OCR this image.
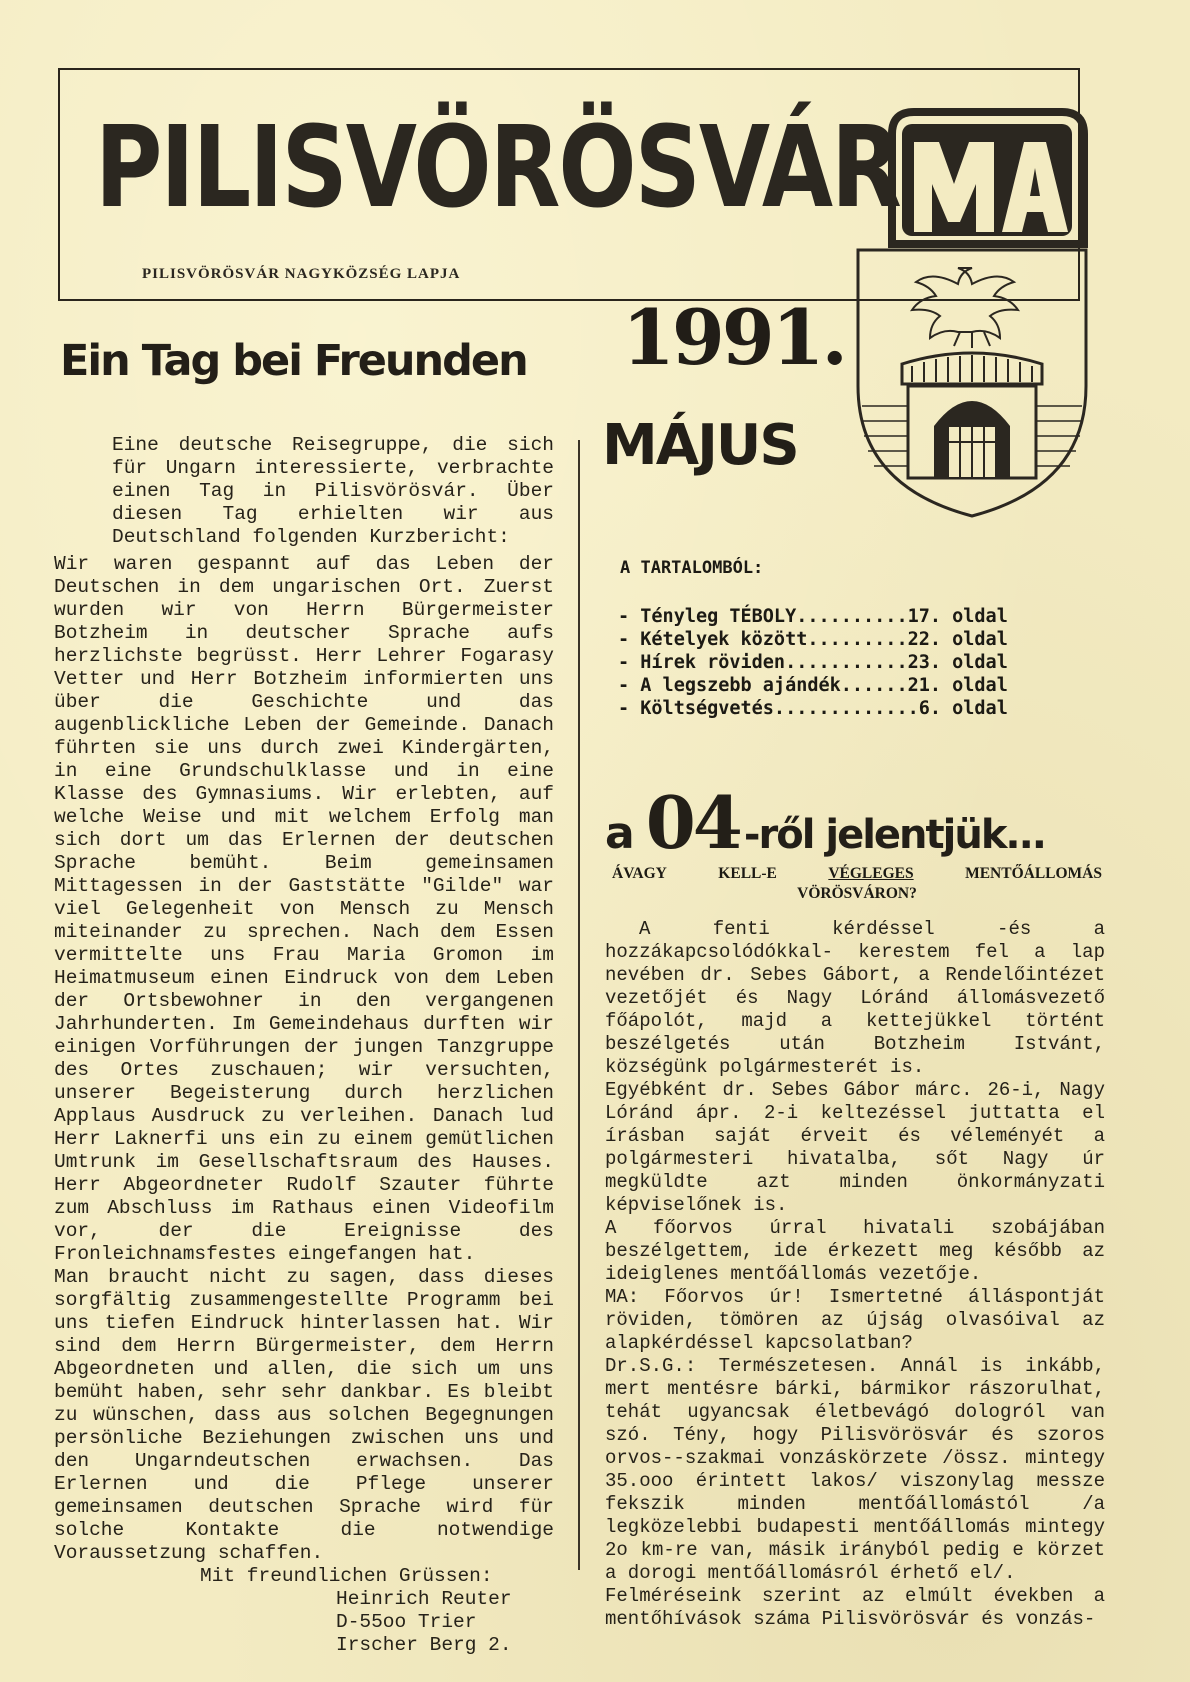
PILISVÖRÖSVÁR
PILISVÖRÖSVÁR NAGYKÖZSÉG LAPJA
1991.
MÁJUS
Ein Tag bei Freunden

Eine deutsche Reisegruppe, die sich für Ungarn interessierte, verbrachte einen Tag in Pilisvörösvár. Über diesen Tag erhielten wir aus Deutschland folgenden Kurzbericht:

Wir waren gespannt auf das Leben der Deutschen in dem ungarischen Ort. Zuerst wurden wir von Herrn Bürgermeister Botzheim in deutscher Sprache aufs herzlichste begrüsst. Herr Lehrer Fogarasy Vetter und Herr Botzheim informierten uns über die Geschichte und das augenblickliche Leben der Gemeinde. Danach führten sie uns durch zwei Kindergärten, in eine Grundschulklasse und in eine Klasse des Gymnasiums. Wir erlebten, auf welche Weise und mit welchem Erfolg man sich dort um das Erlernen der deutschen Sprache bemüht. Beim gemeinsamen Mittagessen in der Gaststätte "Gilde" war viel Gelegenheit von Mensch zu Mensch miteinander zu sprechen. Nach dem Essen vermittelte uns Frau Maria Gromon im Heimatmuseum einen Eindruck von dem Leben der Ortsbewohner in den vergangenen Jahrhunderten. Im Gemeindehaus durften wir einigen Vorführungen der jungen Tanzgruppe des Ortes zuschauen; wir versuchten, unserer Begeisterung durch herzlichen Applaus Ausdruck zu verleihen. Danach lud Herr Laknerfi uns ein zu einem gemütlichen Umtrunk im Gesellschaftsraum des Hauses. Herr Abgeordneter Rudolf Szauter führte zum Abschluss im Rathaus einen Videofilm vor, der die Ereignisse des Fronleichnamsfestes eingefangen hat.

Man braucht nicht zu sagen, dass dieses sorgfältig zusammengestellte Programm bei uns tiefen Eindruck hinterlassen hat. Wir sind dem Herrn Bürgermeister, dem Herrn Abgeordneten und allen, die sich um uns bemüht haben, sehr sehr dankbar. Es bleibt zu wünschen, dass aus solchen Begegnungen persönliche Beziehungen zwischen uns und den Ungarndeutschen erwachsen. Das Erlernen und die Pflege unserer gemeinsamen deutschen Sprache wird für solche Kontakte die notwendige Voraussetzung schaffen.

Mit freundlichen Grüssen:

Heinrich Reuter

D-55oo Trier

Irscher Berg 2.

A TARTALOMBÓL:
- Tényleg TÉBOLY..........17. oldal
- Kételyek között.........22. oldal
- Hírek röviden...........23. oldal
- A legszebb ajándék......21. oldal
- Költségvetés.............6. oldal
a 04 -ről jelentjük...
ÁVAGY	KELL-E	VÉGLEGES	MENTŐÁLLOMÁS
VÖRÖSVÁRON?

A fenti kérdéssel -és a hozzákapcsolódókkal- kerestem fel a lap nevében dr. Sebes Gábort, a Rendelőintézet vezetőjét és Nagy Lóránd állomásvezető főápolót, majd a kettejükkel történt beszélgetés után Botzheim Istvánt, községünk polgármesterét is.

Egyébként dr. Sebes Gábor márc. 26-i, Nagy Lóránd ápr. 2-i keltezéssel juttatta el írásban saját érveit és véleményét a polgármesteri hivatalba, sőt Nagy úr megküldte azt minden önkormányzati képviselőnek is.

A főorvos úrral hivatali szobájában beszélgettem, ide érkezett meg később az ideiglenes mentőállomás vezetője.

MA: Főorvos úr! Ismertetné álláspontját röviden, tömören az újság olvasóival az alapkérdéssel kapcsolatban?

Dr.S.G.: Természetesen. Annál is inkább, mert mentésre bárki, bármikor rászorulhat, tehát ugyancsak életbevágó dologról van szó. Tény, hogy Pilisvörösvár és szoros orvos--szakmai vonzáskörzete /össz. mintegy 35.ooo érintett lakos/ viszonylag messze fekszik minden mentőállomástól /a legközelebbi budapesti mentőállomás mintegy 2o km-re van, másik irányból pedig e körzet a dorogi mentőállomásról érhető el/.

Felméréseink szerint az elmúlt években a mentőhívások száma Pilisvörösvár és vonzás-
